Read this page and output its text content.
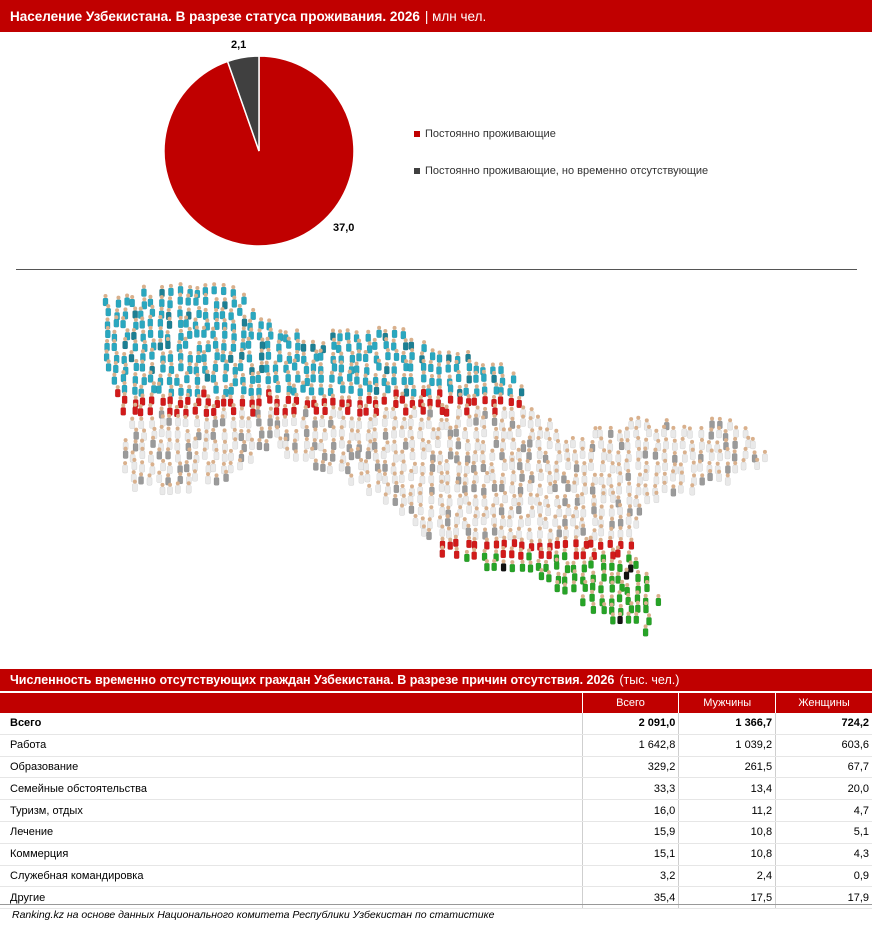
Население Узбекистана. В разрезе статуса проживания. 2026 | млн чел.
37,0
2,1
Постоянно проживающие
Постоянно проживающие, но временно отсутствующие
Численность временно отсутствующих граждан Узбекистана. В разрезе причин отсутствия. 2026 (тыс. чел.)
	Всего	Мужчины	Женщины
Всего	2 091,0	1 366,7	724,2
Работа	1 642,8	1 039,2	603,6
Образование	329,2	261,5	67,7
Семейные обстоятельства	33,3	13,4	20,0
Туризм, отдых	16,0	11,2	4,7
Лечение	15,9	10,8	5,1
Коммерция	15,1	10,8	4,3
Служебная командировка	3,2	2,4	0,9
Другие	35,4	17,5	17,9
Ranking.kz на основе данных Национального комитета Республики Узбекистан по статистике
